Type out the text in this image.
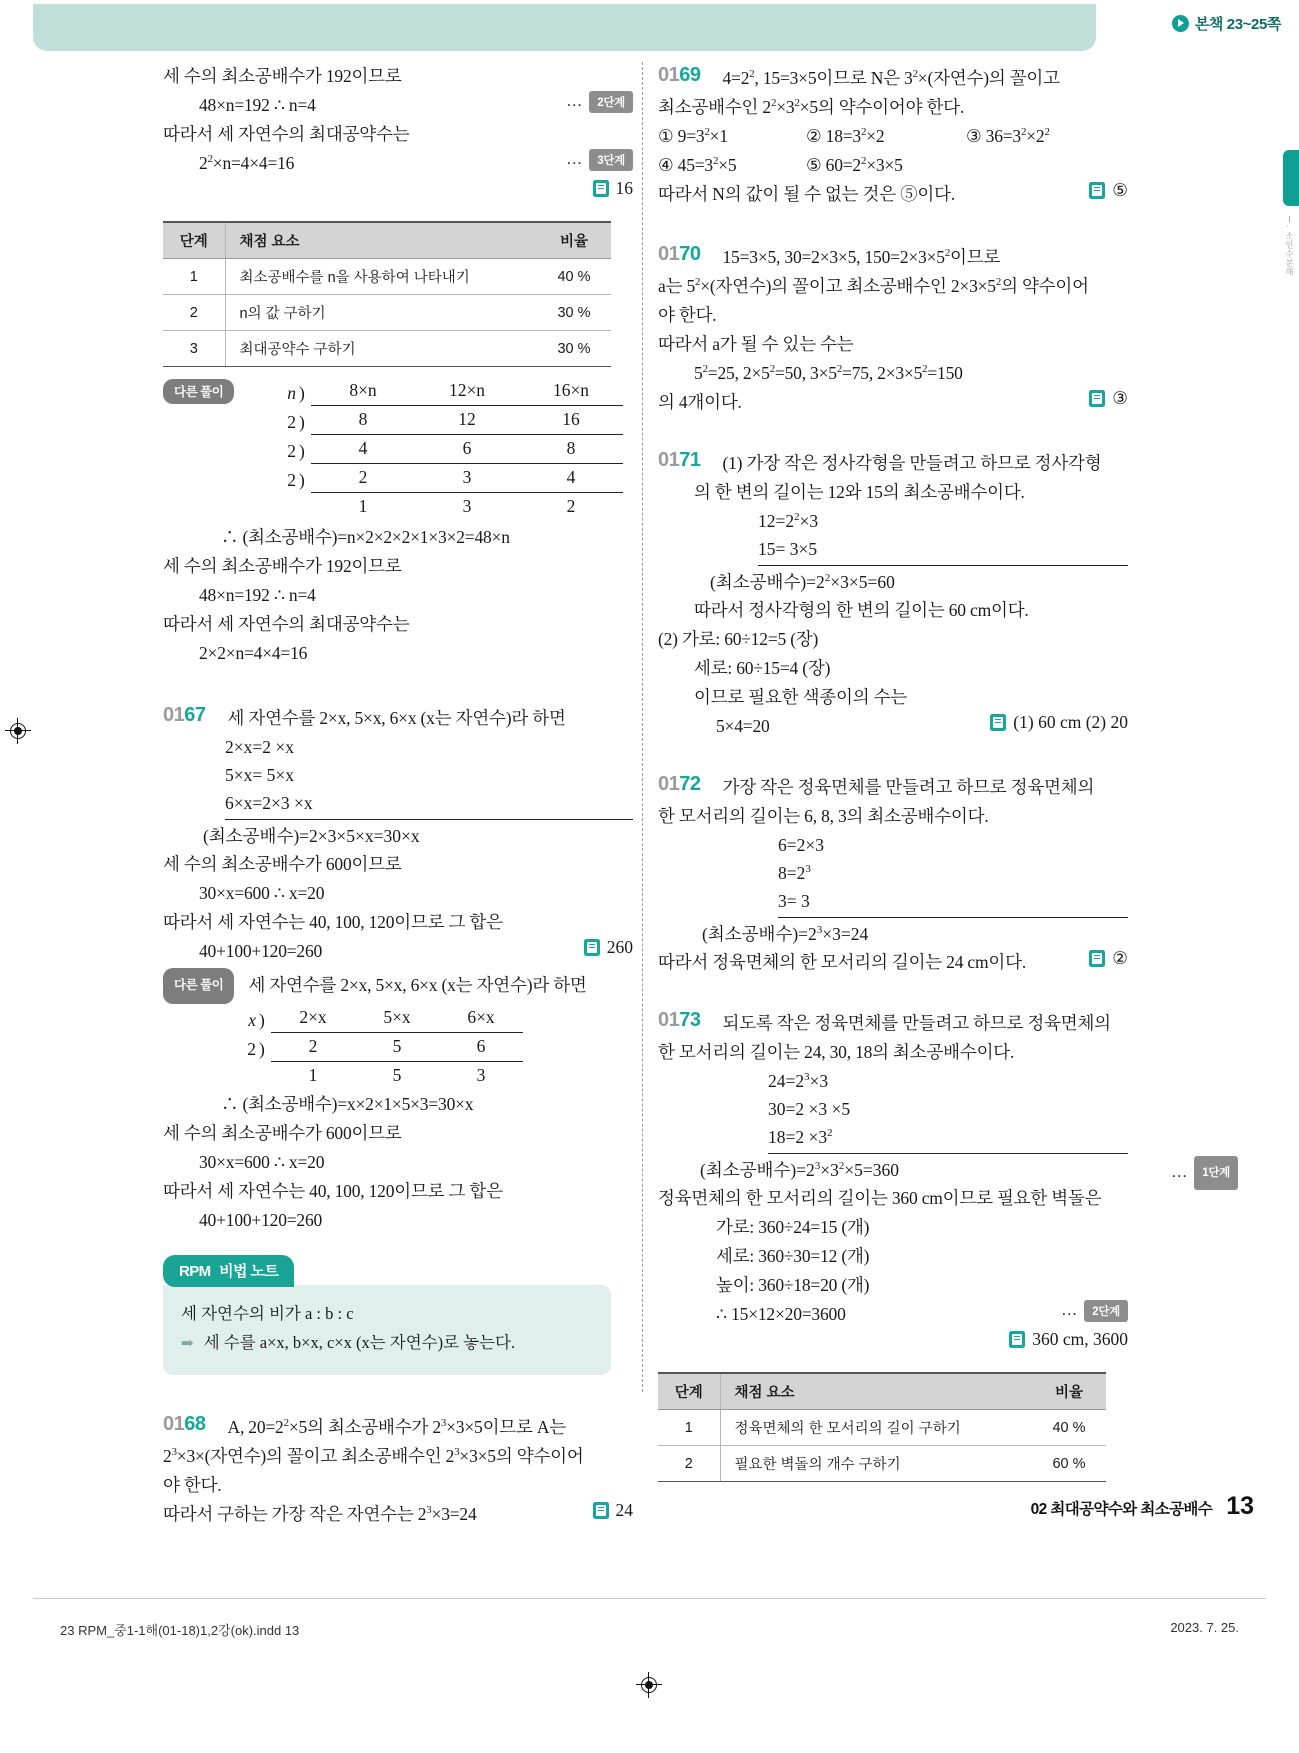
본책 23~25쪽
Ⅰ. 소인수분해
세 수의 최소공배수가 192이므로
48×n=192 ∴ n=4	…	2단계
따라서 세 자연수의 최대공약수는
$2^2\times n=4\times 4=16$	…	3단계
16
단계	채점 요소	비율
1	최소공배수를 n을 사용하여 나타내기	40 %
2	n의 값 구하기	30 %
3	최대공약수 구하기	30 %
다른 풀이	n )	8×n	12×n	16×n
2 )	8	12	16
2 )	4	6	8
2 )	2	3	4
1	3	2
∴ (최소공배수)=n×2×2×2×1×3×2=48×n
세 수의 최소공배수가 192이므로
48×n=192 ∴ n=4
따라서 세 자연수의 최대공약수는
2×2×n=4×4=16
0167 세 자연수를 2×x, 5×x, 6×x (x는 자연수)라 하면
2×x=2 ×x
5×x= 5×x
6×x=2×3 ×x
(최소공배수)=2×3×5×x=30×x
세 수의 최소공배수가 600이므로
30×x=600 ∴ x=20
따라서 세 자연수는 40, 100, 120이므로 그 합은
40+100+120=260	260
다른 풀이 세 자연수를 2×x, 5×x, 6×x (x는 자연수)라 하면
x )	2×x	5×x	6×x
2 )	2	5	6
1	5	3
∴ (최소공배수)=x×2×1×5×3=30×x
세 수의 최소공배수가 600이므로
30×x=600 ∴ x=20
따라서 세 자연수는 40, 100, 120이므로 그 합은
40+100+120=260
RPM 비법 노트
세 자연수의 비가 a : b : c
➡ 세 수를 a×x, b×x, c×x (x는 자연수)로 놓는다.
0168 A, $20=2^2\times 5$의 최소공배수가 $2^3\times 3\times 5$이므로 A는
$2^3\times 3\times$(자연수)의 꼴이고 최소공배수인 $2^3\times 3\times 5$의 약수이어
야 한다.
따라서 구하는 가장 작은 자연수는 $2^3\times 3=24$	24
0169 $4=2^2$, 15=3×5이므로 N은 $3^2\times$(자연수)의 꼴이고
최소공배수인 $2^2\times 3^2\times 5$의 약수이어야 한다.
① $9=3^2\times 1$	② $18=3^2\times 2$	③ $36=3^2\times 2^2$
④ $45=3^2\times 5$	⑤ $60=2^2\times 3\times 5$
따라서 N의 값이 될 수 없는 것은 ⑤이다.	⑤
0170 15=3×5, 30=2×3×5, $150=2\times 3\times 5^2$이므로
a는 $5^2\times$(자연수)의 꼴이고 최소공배수인 $2\times 3\times 5^2$의 약수이어
야 한다.
따라서 a가 될 수 있는 수는
$5^2=25$, $2\times 5^2=50$, $3\times 5^2=75$, $2\times 3\times 5^2=150$
의 4개이다.	③
0171 (1) 가장 작은 정사각형을 만들려고 하므로 정사각형
의 한 변의 길이는 12와 15의 최소공배수이다.
$12=2^2\times 3$
15= 3×5
(최소공배수)$=2^2\times 3\times 5=60$
따라서 정사각형의 한 변의 길이는 60 cm이다.
(2) 가로: 60÷12=5 (장)
세로: 60÷15=4 (장)
이므로 필요한 색종이의 수는
5×4=20	(1) 60 cm (2) 20
0172 가장 작은 정육면체를 만들려고 하므로 정육면체의
한 모서리의 길이는 6, 8, 3의 최소공배수이다.
6=2×3
$8=2^3$
3= 3
(최소공배수)$=2^3\times 3=24$
따라서 정육면체의 한 모서리의 길이는 24 cm이다.	②
0173 되도록 작은 정육면체를 만들려고 하므로 정육면체의
한 모서리의 길이는 24, 30, 18의 최소공배수이다.
$24=2^3\times 3$
30=2 ×3 ×5
$18=2 \times 3^2$
(최소공배수)$=2^3\times 3^2\times 5=360$	…	1단계
정육면체의 한 모서리의 길이는 360 cm이므로 필요한 벽돌은
가로: 360÷24=15 (개)
세로: 360÷30=12 (개)
높이: 360÷18=20 (개)
∴ 15×12×20=3600	…	2단계
360 cm, 3600
단계	채점 요소	비율
1	정육면체의 한 모서리의 길이 구하기	40 %
2	필요한 벽돌의 개수 구하기	60 %
02 최대공약수와 최소공배수 13
23 RPM_중1-1해(01-18)1,2강(ok).indd 13	2023. 7. 25.
